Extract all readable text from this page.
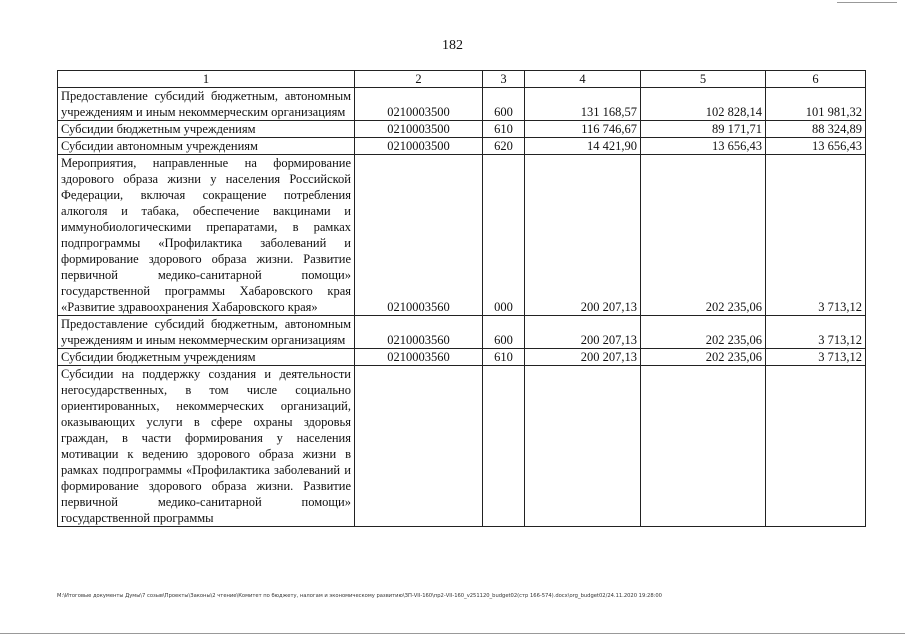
182
1	2	3	4	5	6
Предоставление субсидий бюджетным, автономным учреждениям и иным некоммерческим организациям	0210003500	600	131 168,57	102 828,14	101 981,32
Субсидии бюджетным учреждениям	0210003500	610	116 746,67	89 171,71	88 324,89
Субсидии автономным учреждениям	0210003500	620	14 421,90	13 656,43	13 656,43
Мероприятия, направленные на формирование здорового образа жизни у населения Российской Федерации, включая сокращение потребления алкоголя и табака, обеспечение вакцинами и иммунобиологическими препаратами, в рамках подпрограммы «Профилактика заболеваний и формирование здорового образа жизни. Развитие первичной медико-санитарной помощи» государственной программы Хабаровского края «Развитие здравоохранения Хабаровского края»	0210003560	000	200 207,13	202 235,06	3 713,12
Предоставление субсидий бюджетным, автономным учреждениям и иным некоммерческим организациям	0210003560	600	200 207,13	202 235,06	3 713,12
Субсидии бюджетным учреждениям	0210003560	610	200 207,13	202 235,06	3 713,12
Субсидии на поддержку создания и деятельности негосударственных, в том числе социально ориентированных, некоммерческих организаций, оказывающих услуги в сфере охраны здоровья граждан, в части формирования у населения мотивации к ведению здорового образа жизни в рамках подпрограммы «Профилактика заболеваний и формирование здорового образа жизни. Развитие первичной медико-санитарной помощи» государственной программы					
M:\Итоговые документы Думы\7 созыв\Проекты\Законы\2 чтение\Комитет по бюджету, налогам и экономическому развитию\ЗП-VII-160\пр2-VII-160_v251120_budget02(стр 166-574).docx\org_budget02/24.11.2020 19:28:00
